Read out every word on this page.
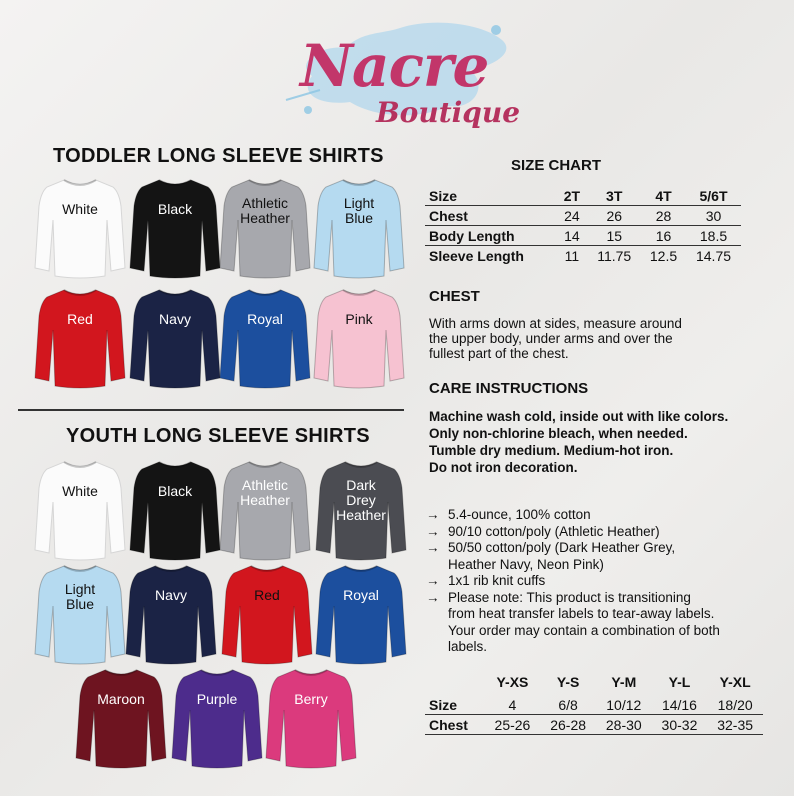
Nacre
Boutique
TODDLER LONG SLEEVE SHIRTS
YOUTH LONG SLEEVE SHIRTS
SIZE CHART
Size	2T	3T	4T	5/6T
Chest	24	26	28	30
Body Length	14	15	16	18.5
Sleeve Length	11	11.75	12.5	14.75
CHEST
With arms down at sides, measure around
the upper body, under arms and over the
fullest part of the chest.
CARE INSTRUCTIONS
Machine wash cold, inside out with like colors.
Only non-chlorine bleach, when needed.
Tumble dry medium. Medium-hot iron.
Do not iron decoration.
→ 5.4-ounce, 100% cotton
→ 90/10 cotton/poly (Athletic Heather)
→ 50/50 cotton/poly (Dark Heather Grey,
Heather Navy, Neon Pink)
→ 1x1 rib knit cuffs
→ Please note: This product is transitioning
from heat transfer labels to tear-away labels.
Your order may contain a combination of both
labels.
	Y-XS	Y-S	Y-M	Y-L	Y-XL

Size	4	6/8	10/12	14/16	18/20
Chest	25-26	26-28	28-30	30-32	32-35
White	Black	Athletic
Heather
Light
Blue
Red	Navy	Royal	Pink
White	Black	Athletic
Heather
Dark
Drey
Heather
Light
Blue
Navy	Red	Royal
Maroon	Purple	Berry
